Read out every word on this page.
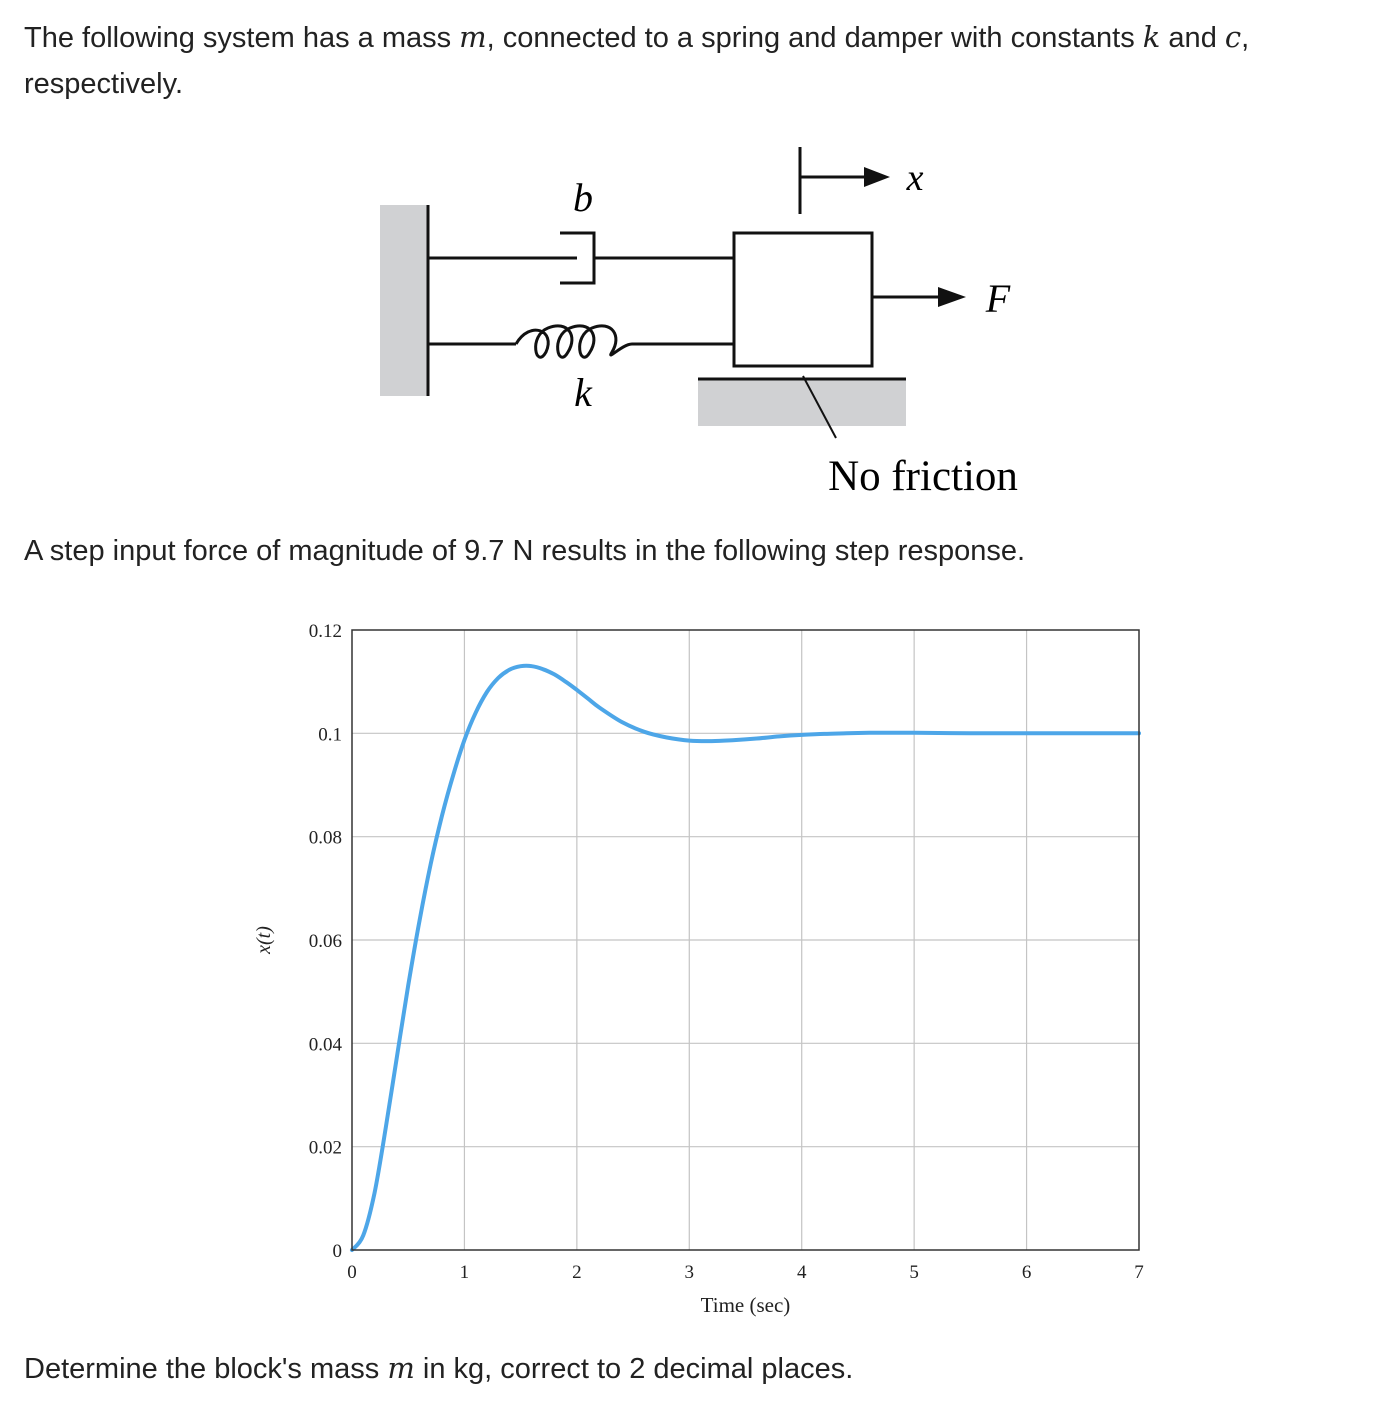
The following system has a mass m, connected to a spring and damper with constants k and c, respectively.

b
k
x
F
No friction

A step input force of magnitude of 9.7 N results in the following step response.

0
0.02
0.04
0.06
0.08
0.1
0.12
0	1	2	3	4	5	6	7
Time (sec)
x(t)

Determine the block's mass m in kg, correct to 2 decimal places.
